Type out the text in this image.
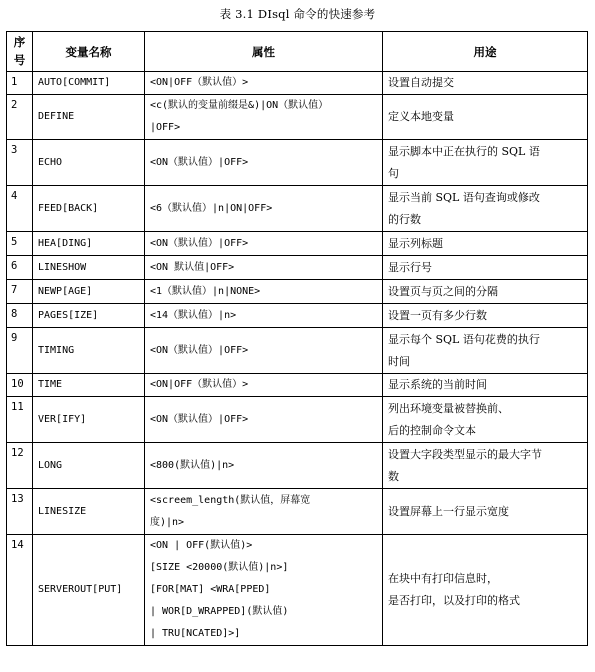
表 3.1 DIsql 命令的快速参考
序号	变量名称	属性	用途
1	AUTO[COMMIT]	<ON|OFF（默认值）>	设置自动提交

2	DEFINE	<c(默认的变量前缀是&)|ON（默认值）
|OFF>	定义本地变量

3	ECHO	<ON（默认值）|OFF>	显示脚本中正在执行的 SQL 语
句

4	FEED[BACK]	<6（默认值）|n|ON|OFF>	显示当前 SQL 语句查询或修改
的行数

5	HEA[DING]	<ON（默认值）|OFF>	显示列标题

6	LINESHOW	<ON 默认值|OFF>	显示行号

7	NEWP[AGE]	<1（默认值）|n|NONE>	设置页与页之间的分隔

8	PAGES[IZE]	<14（默认值）|n>	设置一页有多少行数

9	TIMING	<ON（默认值）|OFF>	显示每个 SQL 语句花费的执行
时间

10	TIME	<ON|OFF（默认值）>	显示系统的当前时间

11	VER[IFY]	<ON（默认值）|OFF>	列出环境变量被替换前、
后的控制命令文本

12	LONG	<800(默认值)|n>	设置大字段类型显示的最大字节
数

13	LINESIZE	<screem_length(默认值，屏幕宽
度)|n>	设置屏幕上一行显示宽度

14	SERVEROUT[PUT]	<ON | OFF(默认值)>
[SIZE <20000(默认值)|n>]
[FOR[MAT] <WRA[PPED]
| WOR[D_WRAPPED](默认值)
| TRU[NCATED]>]	在块中有打印信息时，
是否打印，以及打印的格式
